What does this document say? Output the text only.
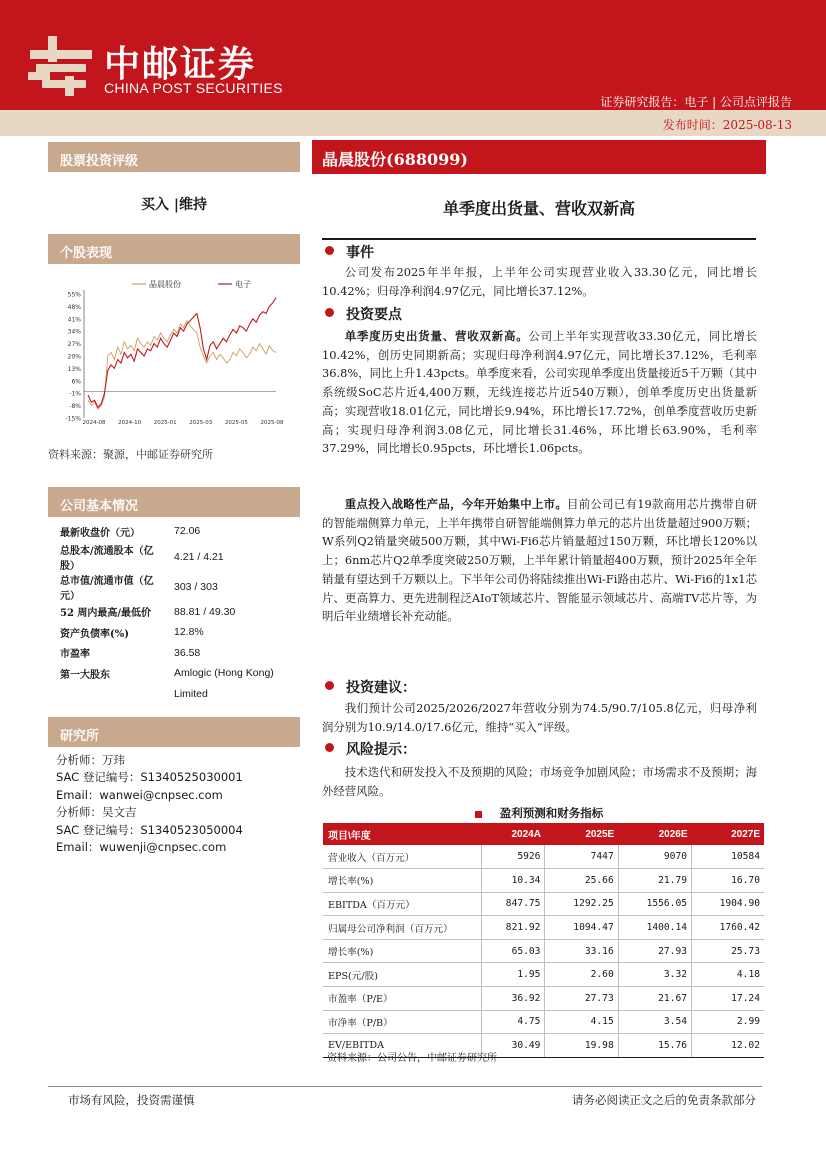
中邮证券
CHINA POST SECURITIES
证券研究报告：电子 | 公司点评报告
发布时间：2025-08-13
股票投资评级
买入 |维持
个股表现
晶晨股份	电子
55%
48%
41%
34%
27%
20%
13%
6%
-1%
-8%
-15%
2024-08 2024-10 2025-01 2025-03 2025-05 2025-08
资料来源：聚源，中邮证券研究所
公司基本情况
最新收盘价（元）	72.06
总股本/流通股本（亿股）	4.21 / 4.21
总市值/流通市值（亿元）	303 / 303
52 周内最高/最低价	88.81 / 49.30
资产负债率(%)	12.8%
市盈率	36.58
第一大股东	Amlogic (Hong Kong)
	Limited
研究所
分析师：万玮
SAC 登记编号：S1340525030001
Email：wanwei@cnpsec.com
分析师：吴文吉
SAC 登记编号：S1340523050004
Email：wuwenji@cnpsec.com
晶晨股份(688099)
单季度出货量、营收双新高
事件
公司发布2025年半年报，上半年公司实现营业收入33.30亿元，同比增长10.42%；归母净利润4.97亿元，同比增长37.12%。
投资要点
单季度历史出货量、营收双新高。公司上半年实现营收33.30亿元，同比增长10.42%，创历史同期新高；实现归母净利润4.97亿元，同比增长37.12%，毛利率36.8%，同比上升1.43pcts。单季度来看，公司实现单季度出货量接近5千万颗（其中系统级SoC芯片近4,400万颗，无线连接芯片近540万颗），创单季度历史出货量新高；实现营收18.01亿元，同比增长9.94%，环比增长17.72%，创单季度营收历史新高；实现归母净利润3.08亿元，同比增长31.46%，环比增长63.90%，毛利率37.29%，同比增长0.95pcts，环比增长1.06pcts。
重点投入战略性产品，今年开始集中上市。目前公司已有19款商用芯片携带自研的智能端侧算力单元，上半年携带自研智能端侧算力单元的芯片出货量超过900万颗；W系列Q2销量突破500万颗，其中Wi-Fi6芯片销量超过150万颗，环比增长120%以上；6nm芯片Q2单季度突破250万颗，上半年累计销量超400万颗，预计2025年全年销量有望达到千万颗以上。下半年公司仍将陆续推出Wi-Fi路由芯片、Wi-Fi6的1x1芯片、更高算力、更先进制程泛AIoT领域芯片、智能显示领域芯片、高端TV芯片等，为明后年业绩增长补充动能。
投资建议：
我们预计公司2025/2026/2027年营收分别为74.5/90.7/105.8亿元，归母净利润分别为10.9/14.0/17.6亿元，维持“买入”评级。
风险提示：
技术迭代和研发投入不及预期的风险；市场竞争加剧风险；市场需求不及预期；海外经营风险。
盈利预测和财务指标
项目\年度	2024A	2025E	2026E	2027E
营业收入（百万元）	5926	7447	9070	10584
增长率(%)	10.34	25.66	21.79	16.70
EBITDA（百万元）	847.75	1292.25	1556.05	1904.90
归属母公司净利润（百万元）	821.92	1094.47	1400.14	1760.42
增长率(%)	65.03	33.16	27.93	25.73
EPS(元/股)	1.95	2.60	3.32	4.18
市盈率（P/E）	36.92	27.73	21.67	17.24
市净率（P/B）	4.75	4.15	3.54	2.99
EV/EBITDA	30.49	19.98	15.76	12.02
资料来源：公司公告，中邮证券研究所
市场有风险，投资需谨慎	请务必阅读正文之后的免责条款部分
